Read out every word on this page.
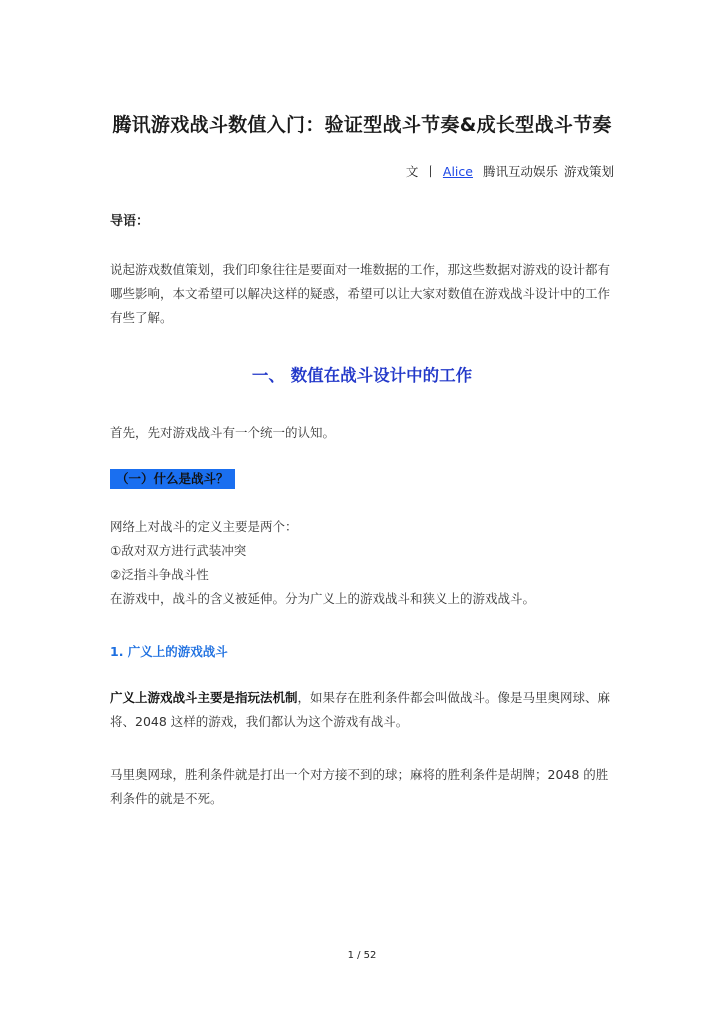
腾讯游戏战斗数值入门：验证型战斗节奏&成长型战斗节奏
文 丨 Alice 腾讯互动娱乐 游戏策划
导语：
说起游戏数值策划，我们印象往往是要面对一堆数据的工作，那这些数据对游戏的设计都有哪些影响，本文希望可以解决这样的疑惑，希望可以让大家对数值在游戏战斗设计中的工作有些了解。
一、 数值在战斗设计中的工作
首先，先对游戏战斗有一个统一的认知。
（一）什么是战斗？
网络上对战斗的定义主要是两个：
①敌对双方进行武装冲突
②泛指斗争战斗性
在游戏中，战斗的含义被延伸。分为广义上的游戏战斗和狭义上的游戏战斗。
1. 广义上的游戏战斗
广义上游戏战斗主要是指玩法机制，如果存在胜利条件都会叫做战斗。像是马里奥网球、麻将、2048 这样的游戏，我们都认为这个游戏有战斗。
马里奥网球，胜利条件就是打出一个对方接不到的球；麻将的胜利条件是胡牌；2048 的胜利条件的就是不死。
1 / 52
